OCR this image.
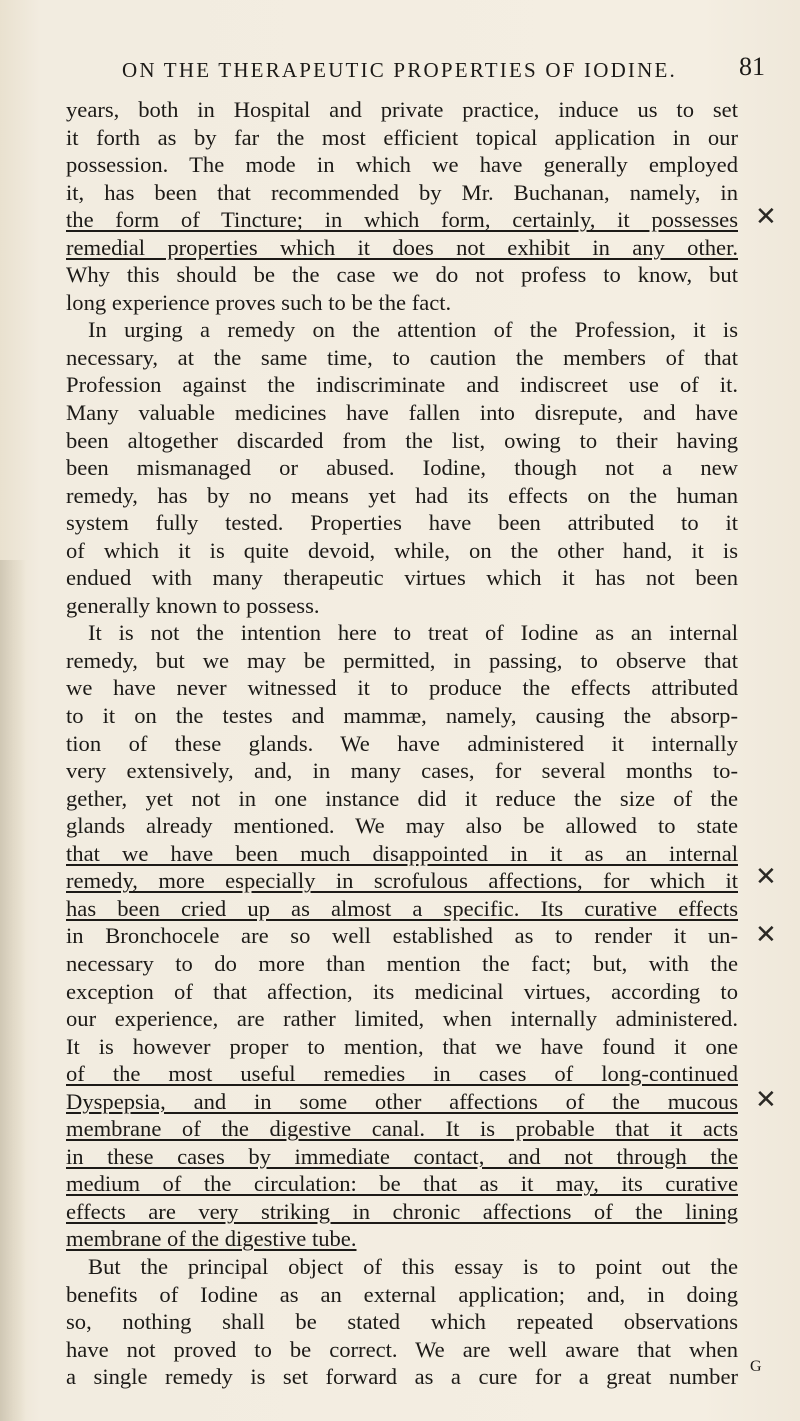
ON THE THERAPEUTIC PROPERTIES OF IODINE. 81
years, both in Hospital and private practice, induce us to set
it forth as by far the most efficient topical application in our
possession. The mode in which we have generally employed
it, has been that recommended by Mr. Buchanan, namely, in
the form of Tincture; in which form, certainly, it possesses
remedial properties which it does not exhibit in any other.
Why this should be the case we do not profess to know, but
long experience proves such to be the fact.
In urging a remedy on the attention of the Profession, it is
necessary, at the same time, to caution the members of that
Profession against the indiscriminate and indiscreet use of it.
Many valuable medicines have fallen into disrepute, and have
been altogether discarded from the list, owing to their having
been mismanaged or abused. Iodine, though not a new
remedy, has by no means yet had its effects on the human
system fully tested. Properties have been attributed to it
of which it is quite devoid, while, on the other hand, it is
endued with many therapeutic virtues which it has not been
generally known to possess.
It is not the intention here to treat of Iodine as an internal
remedy, but we may be permitted, in passing, to observe that
we have never witnessed it to produce the effects attributed
to it on the testes and mammæ, namely, causing the absorp-
tion of these glands. We have administered it internally
very extensively, and, in many cases, for several months to-
gether, yet not in one instance did it reduce the size of the
glands already mentioned. We may also be allowed to state
that we have been much disappointed in it as an internal
remedy, more especially in scrofulous affections, for which it
has been cried up as almost a specific. Its curative effects
in Bronchocele are so well established as to render it un-
necessary to do more than mention the fact; but, with the
exception of that affection, its medicinal virtues, according to
our experience, are rather limited, when internally administered.
It is however proper to mention, that we have found it one
of the most useful remedies in cases of long-continued
Dyspepsia, and in some other affections of the mucous
membrane of the digestive canal. It is probable that it acts
in these cases by immediate contact, and not through the
medium of the circulation: be that as it may, its curative
effects are very striking in chronic affections of the lining
membrane of the digestive tube.
But the principal object of this essay is to point out the
benefits of Iodine as an external application; and, in doing
so, nothing shall be stated which repeated observations
have not proved to be correct. We are well aware that when
a single remedy is set forward as a cure for a great number
✕
✕
✕
✕
G
